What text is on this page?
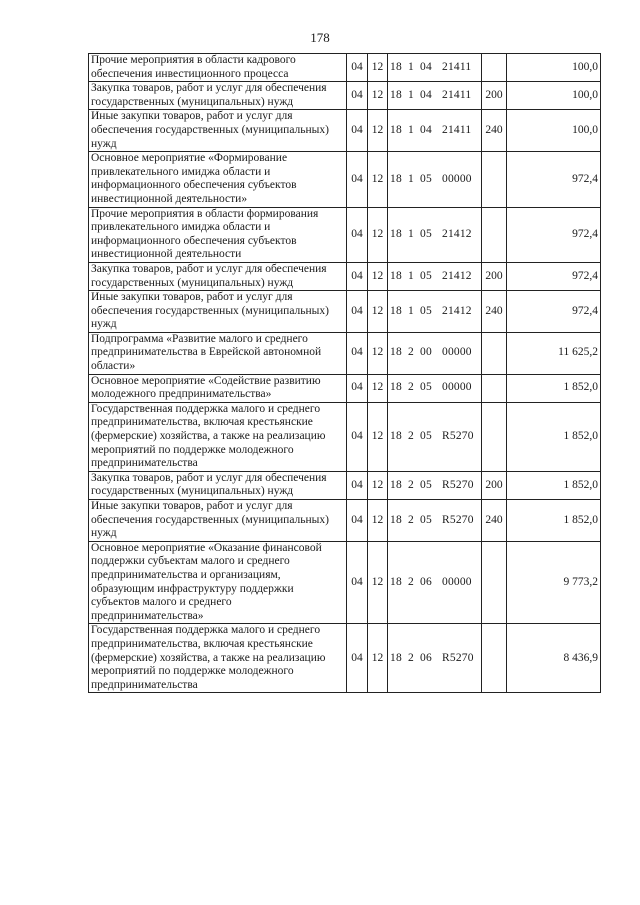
178
Прочие мероприятия в области кадрового обеспечения инвестиционного процесса	04	12	18 1 04 21411		100,0
Закупка товаров, работ и услуг для обеспечения государственных (муниципальных) нужд	04	12	18 1 04 21411	200	100,0
Иные закупки товаров, работ и услуг для обеспечения государственных (муниципальных) нужд	04	12	18 1 04 21411	240	100,0
Основное мероприятие «Формирование привлекательного имиджа области и информационного обеспечения субъектов инвестиционной деятельности»	04	12	18 1 05 00000		972,4
Прочие мероприятия в области формирования привлекательного имиджа области и информационного обеспечения субъектов инвестиционной деятельности	04	12	18 1 05 21412		972,4
Закупка товаров, работ и услуг для обеспечения государственных (муниципальных) нужд	04	12	18 1 05 21412	200	972,4
Иные закупки товаров, работ и услуг для обеспечения государственных (муниципальных) нужд	04	12	18 1 05 21412	240	972,4
Подпрограмма «Развитие малого и среднего предпринимательства в Еврейской автономной области»	04	12	18 2 00 00000		11 625,2
Основное мероприятие «Содействие развитию молодежного предпринимательства»	04	12	18 2 05 00000		1 852,0
Государственная поддержка малого и среднего предпринимательства, включая крестьянские (фермерские) хозяйства, а также на реализацию мероприятий по поддержке молодежного предпринимательства	04	12	18 2 05 R5270		1 852,0
Закупка товаров, работ и услуг для обеспечения государственных (муниципальных) нужд	04	12	18 2 05 R5270	200	1 852,0
Иные закупки товаров, работ и услуг для обеспечения государственных (муниципальных) нужд	04	12	18 2 05 R5270	240	1 852,0
Основное мероприятие «Оказание финансовой поддержки субъектам малого и среднего предпринимательства и организациям, образующим инфраструктуру поддержки субъектов малого и среднего предпринимательства»	04	12	18 2 06 00000		9 773,2
Государственная поддержка малого и среднего предпринимательства, включая крестьянские (фермерские) хозяйства, а также на реализацию мероприятий по поддержке молодежного предпринимательства	04	12	18 2 06 R5270		8 436,9
